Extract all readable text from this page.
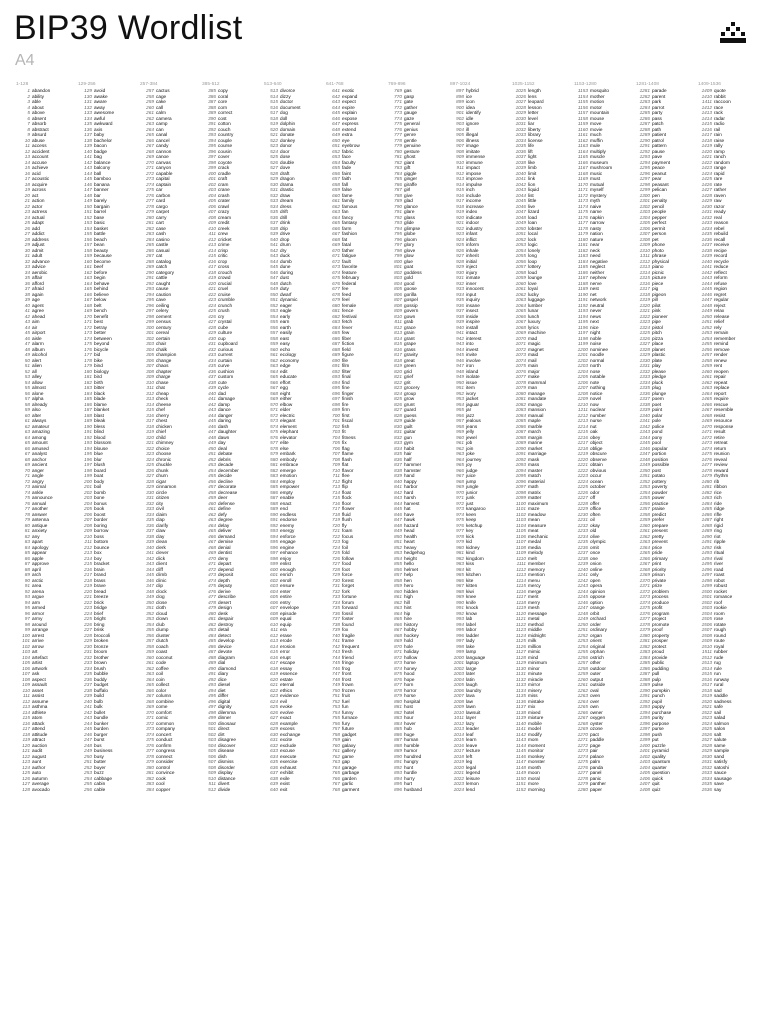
BIP39 Wordlist
A4
1-128
1 abandon
2 ability
3 able
4 about
5 above
6 absent
7 absorb
8 abstract
9 absurd
10 abuse
11 access
12 accident
13 account
14 accuse
15 achieve
16 acid
17 acoustic
18 acquire
19 across
20 act
21 action
22 actor
23 actress
24 actual
25 adapt
26 add
27 addict
28 address
29 adjust
30 admit
31 adult
32 advance
33 advice
34 aerobic
35 affair
36 afford
37 afraid
38 again
39 age
40 agent
41 agree
42 ahead
43 aim
44 air
45 airport
46 aisle
47 alarm
48 album
49 alcohol
50 alert
51 alien
52 all
53 alley
54 allow
55 almost
56 alone
57 alpha
58 already
59 also
60 alter
61 always
62 amateur
63 amazing
64 among
65 amount
66 amused
67 analyst
68 anchor
69 ancient
70 anger
71 angle
72 angry
73 animal
74 ankle
75 announce
76 annual
77 another
78 answer
79 antenna
80 antique
81 anxiety
82 any
83 apart
84 apology
85 appear
86 apple
87 approve
88 april
89 arch
90 arctic
91 area
92 arena
93 argue
94 arm
95 armed
96 armor
97 army
98 around
99 arrange
100 arrest
101 arrive
102 arrow
103 art
104 artefact
105 artist
106 artwork
107 ask
108 aspect
109 assault
110 asset
111 assist
112 assume
113 asthma
114 athlete
115 atom
116 attack
117 attend
118 attitude
119 attract
120 auction
121 audit
122 august
123 aunt
124 author
125 auto
126 autumn
127 average
128 avocado
129-256
129 avoid
130 awake
131 aware
132 away
133 awesome
134 awful
135 awkward
136 axis
137 baby
138 bachelor
139 bacon
140 badge
141 bag
142 balance
143 balcony
144 ball
145 bamboo
146 banana
147 banner
148 bar
149 barely
150 bargain
151 barrel
152 base
153 basic
154 basket
155 battle
156 beach
157 bean
158 beauty
159 because
160 become
161 beef
162 before
163 begin
164 behave
165 behind
166 believe
167 below
168 belt
169 bench
170 benefit
171 best
172 betray
173 better
174 between
175 beyond
176 bicycle
177 bid
178 bike
179 bind
180 biology
181 bird
182 birth
183 bitter
184 black
185 blade
186 blame
187 blanket
188 blast
189 bleak
190 bless
191 blind
192 blood
193 blossom
194 blouse
195 blue
196 blur
197 blush
198 board
199 boat
200 body
201 boil
202 bomb
203 bone
204 bonus
205 book
206 boost
207 border
208 boring
209 borrow
210 boss
211 bottom
212 bounce
213 box
214 boy
215 bracket
216 brain
217 brand
218 brass
219 brave
220 bread
221 breeze
222 brick
223 bridge
224 brief
225 bright
226 bring
227 brisk
228 broccoli
229 broken
230 bronze
231 broom
232 brother
233 brown
234 brush
235 bubble
236 buddy
237 budget
238 buffalo
239 build
240 bulb
241 bulk
242 bullet
243 bundle
244 bunker
245 burden
246 burger
247 burst
248 bus
249 business
250 busy
251 butter
252 buyer
253 buzz
254 cabbage
255 cabin
256 cable
257-384
257 cactus
258 cage
259 cake
260 call
261 calm
262 camera
263 camp
264 can
265 canal
266 cancel
267 candy
268 cannon
269 canoe
270 canvas
271 canyon
272 capable
273 capital
274 captain
275 car
276 carbon
277 card
278 cargo
279 carpet
280 carry
281 cart
282 case
283 cash
284 casino
285 castle
286 casual
287 cat
288 catalog
289 catch
290 category
291 cattle
292 caught
293 cause
294 caution
295 cave
296 ceiling
297 celery
298 cement
299 census
300 century
301 cereal
302 certain
303 chair
304 chalk
305 champion
306 change
307 chaos
308 chapter
309 charge
310 chase
311 chat
312 cheap
313 check
314 cheese
315 chef
316 cherry
317 chest
318 chicken
319 chief
320 child
321 chimney
322 choice
323 choose
324 chronic
325 chuckle
326 chunk
327 churn
328 cigar
329 cinnamon
330 circle
331 citizen
332 city
333 civil
334 claim
335 clap
336 clarify
337 claw
338 clay
339 clean
340 clerk
341 clever
342 click
343 client
344 cliff
345 climb
346 clinic
347 clip
348 clock
349 clog
350 close
351 cloth
352 cloud
353 clown
354 club
355 clump
356 cluster
357 clutch
358 coach
359 coast
360 coconut
361 code
362 coffee
363 coil
364 coin
365 collect
366 color
367 column
368 combine
369 come
370 comfort
371 comic
372 common
373 company
374 concert
375 conduct
376 confirm
377 congress
378 connect
379 consider
380 control
381 convince
382 cook
383 cool
384 copper
385-512
385 copy
386 coral
387 core
388 corn
389 correct
390 cost
391 cotton
392 couch
393 country
394 couple
395 course
396 cousin
397 cover
398 coyote
399 crack
400 cradle
401 craft
402 cram
403 crane
404 crash
405 crater
406 crawl
407 crazy
408 cream
409 credit
410 creek
411 crew
412 cricket
413 crime
414 crisp
415 critic
416 crop
417 cross
418 crouch
419 crowd
420 crucial
421 cruel
422 cruise
423 crumble
424 crunch
425 crush
426 cry
427 crystal
428 cube
429 culture
430 cup
431 cupboard
432 curious
433 current
434 curtain
435 curve
436 cushion
437 custom
438 cute
439 cycle
440 dad
441 damage
442 damp
443 dance
444 danger
445 daring
446 dash
447 daughter
448 dawn
449 day
450 deal
451 debate
452 debris
453 decade
454 december
455 decide
456 decline
457 decorate
458 decrease
459 deer
460 defense
461 define
462 defy
463 degree
464 delay
465 deliver
466 demand
467 demise
468 denial
469 dentist
470 deny
471 depart
472 depend
473 deposit
474 depth
475 deputy
476 derive
477 describe
478 desert
479 design
480 desk
481 despair
482 destroy
483 detail
484 detect
485 develop
486 device
487 devote
488 diagram
489 dial
490 diamond
491 diary
492 dice
493 diesel
494 diet
495 differ
496 digital
497 dignity
498 dilemma
499 dinner
500 dinosaur
501 direct
502 dirt
503 disagree
504 discover
505 disease
506 dish
507 dismiss
508 disorder
509 display
510 distance
511 divert
512 divide
513-640
513 divorce
514 dizzy
515 doctor
516 document
517 dog
518 doll
519 dolphin
520 domain
521 donate
522 donkey
523 donor
524 door
525 dose
526 double
527 dove
528 draft
529 dragon
530 drama
531 drastic
532 draw
533 dream
534 dress
535 drift
536 drill
537 drink
538 drip
539 drive
540 drop
541 drum
542 dry
543 duck
544 dumb
545 dune
546 during
547 dust
548 dutch
549 duty
550 dwarf
551 dynamic
552 eager
553 eagle
554 early
555 earn
556 earth
557 easily
558 east
559 easy
560 echo
561 ecology
562 economy
563 edge
564 edit
565 educate
566 effort
567 egg
568 eight
569 either
570 elbow
571 elder
572 electric
573 elegant
574 element
575 elephant
576 elevator
577 elite
578 else
579 embark
580 embody
581 embrace
582 emerge
583 emotion
584 employ
585 empower
586 empty
587 enable
588 enact
589 end
590 endless
591 endorse
592 enemy
593 energy
594 enforce
595 engage
596 engine
597 enhance
598 enjoy
599 enlist
600 enough
601 enrich
602 enroll
603 ensure
604 enter
605 entire
606 entry
607 envelope
608 episode
609 equal
610 equip
611 era
612 erase
613 erode
614 erosion
615 error
616 erupt
617 escape
618 essay
619 essence
620 estate
621 eternal
622 ethics
623 evidence
624 evil
625 evoke
626 evolve
627 exact
628 example
629 excess
630 exchange
631 excite
632 exclude
633 excuse
634 execute
635 exercise
636 exhaust
637 exhibit
638 exile
639 exist
640 exit
641-768
641 exotic
642 expand
643 expect
644 expire
645 explain
646 expose
647 express
648 extend
649 extra
650 eye
651 eyebrow
652 fabric
653 face
654 faculty
655 fade
656 faint
657 faith
658 fall
659 false
660 fame
661 family
662 famous
663 fan
664 fancy
665 fantasy
666 farm
667 fashion
668 fat
669 fatal
670 father
671 fatigue
672 fault
673 favorite
674 feature
675 february
676 federal
677 fee
678 feed
679 feel
680 female
681 fence
682 festival
683 fetch
684 fever
685 few
686 fiber
687 fiction
688 field
689 figure
690 file
691 film
692 filter
693 final
694 find
695 fine
696 finger
697 finish
698 fire
699 firm
700 first
701 fiscal
702 fish
703 fit
704 fitness
705 fix
706 flag
707 flame
708 flash
709 flat
710 flavor
711 flee
712 flight
713 flip
714 float
715 flock
716 floor
717 flower
718 fluid
719 flush
720 fly
721 foam
722 focus
723 fog
724 foil
725 fold
726 follow
727 food
728 foot
729 force
730 forest
731 forget
732 fork
733 fortune
734 forum
735 forward
736 fossil
737 foster
738 found
739 fox
740 fragile
741 frame
742 frequent
743 fresh
744 friend
745 fringe
746 frog
747 front
748 frost
749 frown
750 frozen
751 fruit
752 fuel
753 fun
754 funny
755 furnace
756 fury
757 future
758 gadget
759 gain
760 galaxy
761 gallery
762 game
763 gap
764 garage
765 garbage
766 garden
767 garlic
768 garment
769-896
769 gas
770 gasp
771 gate
772 gather
773 gauge
774 gaze
775 general
776 genius
777 genre
778 gentle
779 genuine
780 gesture
781 ghost
782 giant
783 gift
784 giggle
785 ginger
786 giraffe
787 girl
788 give
789 glad
790 glance
791 glare
792 glass
793 glide
794 glimpse
795 globe
796 gloom
797 glory
798 glove
799 glow
800 glue
801 goat
802 goddess
803 gold
804 good
805 goose
806 gorilla
807 gospel
808 gossip
809 govern
810 gown
811 grab
812 grace
813 grain
814 grant
815 grape
816 grass
817 gravity
818 great
819 green
820 grid
821 grief
822 grit
823 grocery
824 group
825 grow
826 grunt
827 guard
828 guess
829 guide
830 guilt
831 guitar
832 gun
833 gym
834 habit
835 hair
836 half
837 hammer
838 hamster
839 hand
840 happy
841 harbor
842 hard
843 harsh
844 harvest
845 hat
846 have
847 hawk
848 hazard
849 head
850 health
851 heart
852 heavy
853 hedgehog
854 height
855 hello
856 helmet
857 help
858 hen
859 hero
860 hidden
861 high
862 hill
863 hint
864 hip
865 hire
866 history
867 hobby
868 hockey
869 hold
870 hole
871 holiday
872 hollow
873 home
874 honey
875 hood
876 hope
877 horn
878 horror
879 horse
880 hospital
881 host
882 hotel
883 hour
884 hover
885 hub
886 huge
887 human
888 humble
889 humor
890 hundred
891 hungry
892 hunt
893 hurdle
894 hurry
895 hurt
896 husband
897-1024
897 hybrid
898 ice
899 icon
900 idea
901 identify
902 idle
903 ignore
904 ill
905 illegal
906 illness
907 image
908 imitate
909 immense
910 immune
911 impact
912 impose
913 improve
914 impulse
915 inch
916 include
917 income
918 increase
919 index
920 indicate
921 indoor
922 industry
923 infant
924 inflict
925 inform
926 inhale
927 inherit
928 initial
929 inject
930 injury
931 inmate
932 inner
933 innocent
934 input
935 inquiry
936 insane
937 insect
938 inside
939 inspire
940 install
941 intact
942 interest
943 into
944 invest
945 invite
946 involve
947 iron
948 island
949 isolate
950 issue
951 item
952 ivory
953 jacket
954 jaguar
955 jar
956 jazz
957 jealous
958 jeans
959 jelly
960 jewel
961 job
962 join
963 joke
964 journey
965 joy
966 judge
967 juice
968 jump
969 jungle
970 junior
971 junk
972 just
973 kangaroo
974 keen
975 keep
976 ketchup
977 key
978 kick
979 kid
980 kidney
981 kind
982 kingdom
983 kiss
984 kit
985 kitchen
986 kite
987 kitten
988 kiwi
989 knee
990 knife
991 knock
992 know
993 lab
994 label
995 labor
996 ladder
997 lady
998 lake
999 lamp
1000 language
1001 laptop
1002 large
1003 later
1004 latin
1005 laugh
1006 laundry
1007 lava
1008 law
1009 lawn
1010 lawsuit
1011 layer
1012 lazy
1013 leader
1014 leaf
1015 learn
1016 leave
1017 lecture
1018 left
1019 leg
1020 legal
1021 legend
1022 leisure
1023 lemon
1024 lend
1025-1152
1025 length
1026 lens
1027 leopard
1028 lesson
1029 letter
1030 level
1031 liar
1032 liberty
1033 library
1034 license
1035 life
1036 lift
1037 light
1038 like
1039 limb
1040 limit
1041 link
1042 lion
1043 liquid
1044 list
1045 little
1046 live
1047 lizard
1048 load
1049 loan
1050 lobster
1051 local
1052 lock
1053 logic
1054 lonely
1055 long
1056 loop
1057 lottery
1058 loud
1059 lounge
1060 love
1061 loyal
1062 lucky
1063 luggage
1064 lumber
1065 lunar
1066 lunch
1067 luxury
1068 lyrics
1069 machine
1070 mad
1071 magic
1072 magnet
1073 maid
1074 mail
1075 main
1076 major
1077 make
1078 mammal
1079 man
1080 manage
1081 mandate
1082 mango
1083 mansion
1084 manual
1085 maple
1086 marble
1087 march
1088 margin
1089 marine
1090 market
1091 marriage
1092 mask
1093 mass
1094 master
1095 match
1096 material
1097 math
1098 matrix
1099 matter
1100 maximum
1101 maze
1102 meadow
1103 mean
1104 measure
1105 meat
1106 mechanic
1107 medal
1108 media
1109 melody
1110 melt
1111 member
1112 memory
1113 mention
1114 menu
1115 mercy
1116 merge
1117 merit
1118 merry
1119 mesh
1120 message
1121 metal
1122 method
1123 middle
1124 midnight
1125 milk
1126 million
1127 mimic
1128 mind
1129 minimum
1130 minor
1131 minute
1132 miracle
1133 mirror
1134 misery
1135 miss
1136 mistake
1137 mix
1138 mixed
1139 mixture
1140 mobile
1141 model
1142 modify
1143 mom
1144 moment
1145 monitor
1146 monkey
1147 monster
1148 month
1149 moon
1150 moral
1151 more
1152 morning
1153-1280
1153 mosquito
1154 mother
1155 motion
1156 motor
1157 mountain
1158 mouse
1159 move
1160 movie
1161 much
1162 muffin
1163 mule
1164 multiply
1165 muscle
1166 museum
1167 mushroom
1168 music
1169 must
1170 mutual
1171 myself
1172 mystery
1173 myth
1174 naive
1175 name
1176 napkin
1177 narrow
1178 nasty
1179 nation
1180 nature
1181 near
1182 neck
1183 need
1184 negative
1185 neglect
1186 neither
1187 nephew
1188 nerve
1189 nest
1190 net
1191 network
1192 neutral
1193 never
1194 news
1195 next
1196 nice
1197 night
1198 noble
1199 noise
1200 nominee
1201 noodle
1202 normal
1203 north
1204 nose
1205 notable
1206 note
1207 nothing
1208 notice
1209 novel
1210 now
1211 nuclear
1212 number
1213 nurse
1214 nut
1215 oak
1216 obey
1217 object
1218 oblige
1219 obscure
1220 observe
1221 obtain
1222 obvious
1223 occur
1224 ocean
1225 october
1226 odor
1227 off
1228 offer
1229 office
1230 often
1231 oil
1232 okay
1233 old
1234 olive
1235 olympic
1236 omit
1237 once
1238 one
1239 onion
1240 online
1241 only
1242 open
1243 opera
1244 opinion
1245 oppose
1246 option
1247 orange
1248 orbit
1249 orchard
1250 order
1251 ordinary
1252 organ
1253 orient
1254 original
1255 orphan
1256 ostrich
1257 other
1258 outdoor
1259 outer
1260 output
1261 outside
1262 oval
1263 oven
1264 over
1265 own
1266 owner
1267 oxygen
1268 oyster
1269 ozone
1270 pact
1271 paddle
1272 page
1273 pair
1274 palace
1275 palm
1276 panda
1277 panel
1278 panic
1279 panther
1280 paper
1281-1408
1281 parade
1282 parent
1283 park
1284 parrot
1285 party
1286 pass
1287 patch
1288 path
1289 patient
1290 patrol
1291 pattern
1292 pause
1293 pave
1294 payment
1295 peace
1296 peanut
1297 pear
1298 peasant
1299 pelican
1300 pen
1301 penalty
1302 pencil
1303 people
1304 pepper
1305 perfect
1306 permit
1307 person
1308 pet
1309 phone
1310 photo
1311 phrase
1312 physical
1313 piano
1314 picnic
1315 picture
1316 piece
1317 pig
1318 pigeon
1319 pill
1320 pilot
1321 pink
1322 pioneer
1323 pipe
1324 pistol
1325 pitch
1326 pizza
1327 place
1328 planet
1329 plastic
1330 plate
1331 play
1332 please
1333 pledge
1334 pluck
1335 plug
1336 plunge
1337 poem
1338 poet
1339 point
1340 polar
1341 pole
1342 police
1343 pond
1344 pony
1345 pool
1346 popular
1347 portion
1348 position
1349 possible
1350 post
1351 potato
1352 pottery
1353 poverty
1354 powder
1355 power
1356 practice
1357 praise
1358 predict
1359 prefer
1360 prepare
1361 present
1362 pretty
1363 prevent
1364 price
1365 pride
1366 primary
1367 print
1368 priority
1369 prison
1370 private
1371 prize
1372 problem
1373 process
1374 produce
1375 profit
1376 program
1377 project
1378 promote
1379 proof
1380 property
1381 prosper
1382 protect
1383 proud
1384 provide
1385 public
1386 pudding
1387 pull
1388 pulp
1389 pulse
1390 pumpkin
1391 punch
1392 pupil
1393 puppy
1394 purchase
1395 purity
1396 purpose
1397 purse
1398 push
1399 put
1400 puzzle
1401 pyramid
1402 quality
1403 quantum
1404 quarter
1405 question
1406 quick
1407 quit
1408 quiz
1409-1536
1409 quote
1410 rabbit
1411 raccoon
1412 race
1413 rack
1414 radar
1415 radio
1416 rail
1417 rain
1418 raise
1419 rally
1420 ramp
1421 ranch
1422 random
1423 range
1424 rapid
1425 rare
1426 rate
1427 rather
1428 raven
1429 raw
1430 razor
1431 ready
1432 real
1433 reason
1434 rebel
1435 rebuild
1436 recall
1437 receive
1438 recipe
1439 record
1440 recycle
1441 reduce
1442 reflect
1443 reform
1444 refuse
1445 region
1446 regret
1447 regular
1448 reject
1449 relax
1450 release
1451 relief
1452 rely
1453 remain
1454 remember
1455 remind
1456 remove
1457 render
1458 renew
1459 rent
1460 reopen
1461 repair
1462 repeat
1463 replace
1464 report
1465 require
1466 rescue
1467 resemble
1468 resist
1469 resource
1470 response
1471 result
1472 retire
1473 retreat
1474 return
1475 reunion
1476 reveal
1477 review
1478 reward
1479 rhythm
1480 rib
1481 ribbon
1482 rice
1483 rich
1484 ride
1485 ridge
1486 rifle
1487 right
1488 rigid
1489 ring
1490 riot
1491 ripple
1492 risk
1493 ritual
1494 rival
1495 river
1496 road
1497 roast
1498 robot
1499 robust
1500 rocket
1501 romance
1502 roof
1503 rookie
1504 room
1505 rose
1506 rotate
1507 rough
1508 round
1509 route
1510 royal
1511 rubber
1512 rude
1513 rug
1514 rule
1515 run
1516 runway
1517 rural
1518 sad
1519 saddle
1520 sadness
1521 safe
1522 sail
1523 salad
1524 salmon
1525 salon
1526 salt
1527 salute
1528 same
1529 sample
1530 sand
1531 satisfy
1532 satoshi
1533 sauce
1534 sausage
1535 save
1536 say
